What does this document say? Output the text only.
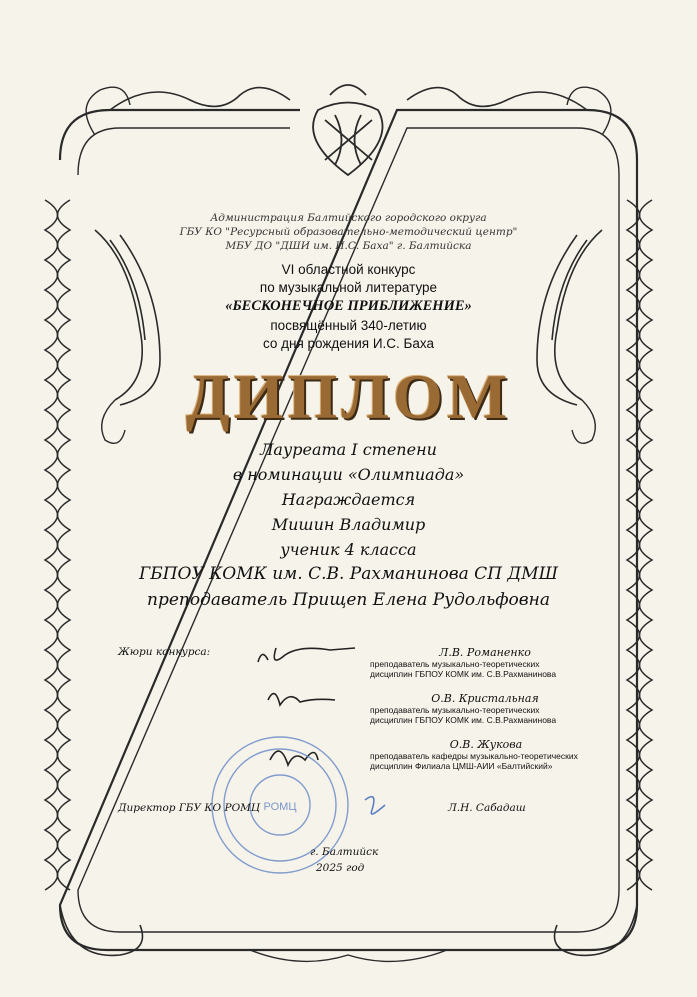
Администрация Балтийского городского округа
ГБУ КО "Ресурсный образовательно-методический центр"
МБУ ДО "ДШИ им. И.С. Баха" г. Балтийска
VI областной конкурс
по музыкальной литературе
«БЕСКОНЕЧНОЕ ПРИБЛИЖЕНИЕ»
посвящённый 340-летию
со дня рождения И.С. Баха
ДИПЛОМ
Лауреата I степени
в номинации «Олимпиада»
Награждается
Мишин Владимир
ученик 4 класса
ГБПОУ КОМК им. С.В. Рахманинова СП ДМШ
преподаватель Прищеп Елена Рудольфовна
Жюри конкурса:	Л.В. Романенко
преподаватель музыкально-теоретических
дисциплин ГБПОУ КОМК им. С.В.Рахманинова
О.В. Кристальная
преподаватель музыкально-теоретических
дисциплин ГБПОУ КОМК им. С.В.Рахманинова
О.В. Жукова
преподаватель кафедры музыкально-теоретических
дисциплин Филиала ЦМШ-АИИ «Балтийский»
РОМЦ
Директор ГБУ КО РОМЦ	Л.Н. Сабадаш
г. Балтийск
2025 год
